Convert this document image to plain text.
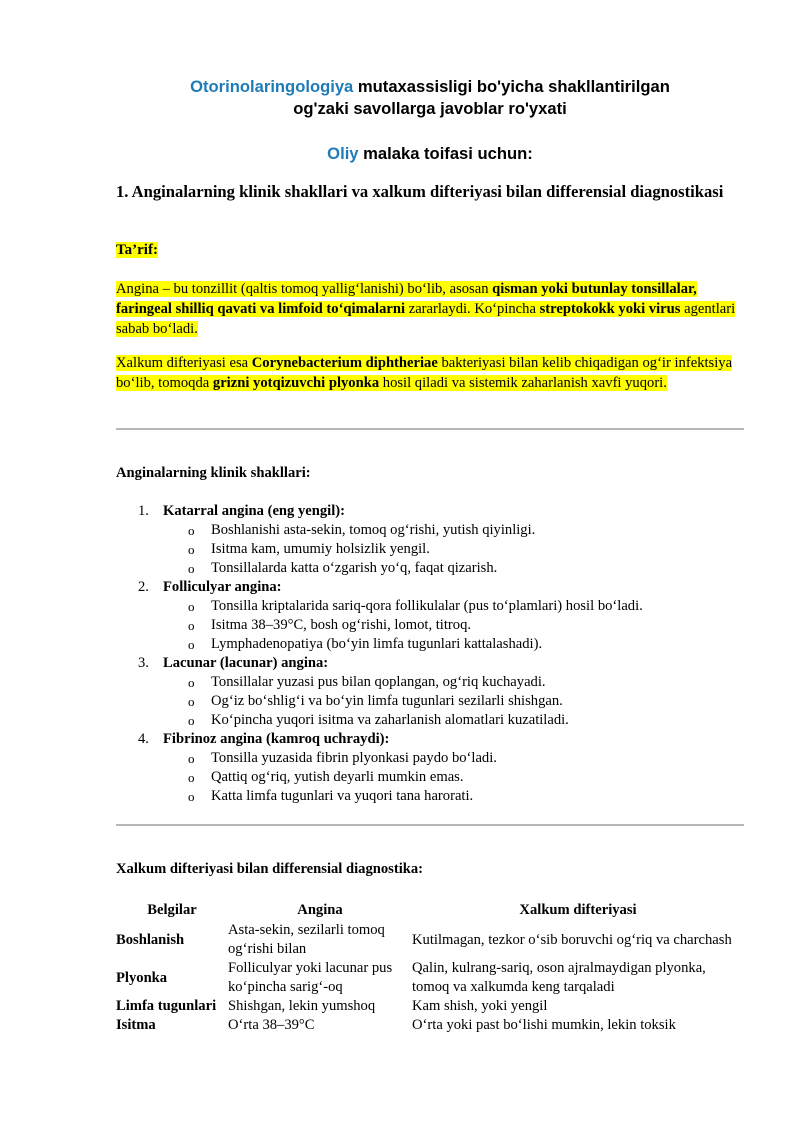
Otorinolaringologiya mutaxassisligi bo'yicha shakllantirilgan
og'zaki savollarga javoblar ro'yxati
Oliy malaka toifasi uchun:
1. Anginalarning klinik shakllari va xalkum difteriyasi bilan differensial diagnostikasi
Ta’rif:
Angina – bu tonzillit (qaltis tomoq yallig‘lanishi) bo‘lib, asosan qisman yoki butunlay tonsillalar, faringeal shilliq qavati va limfoid to‘qimalarni zararlaydi. Ko‘pincha streptokokk yoki virus agentlari sabab bo‘ladi.
Xalkum difteriyasi esa Corynebacterium diphtheriae bakteriyasi bilan kelib chiqadigan og‘ir infektsiya bo‘lib, tomoqda grizni yotqizuvchi plyonka hosil qiladi va sistemik zaharlanish xavfi yuqori.
Anginalarning klinik shakllari:
1. Katarral angina (eng yengil):
o Boshlanishi asta-sekin, tomoq og‘rishi, yutish qiyinligi.
o Isitma kam, umumiy holsizlik yengil.
o Tonsillalarda katta o‘zgarish yo‘q, faqat qizarish.
2. Folliculyar angina:
o Tonsilla kriptalarida sariq-qora follikulalar (pus to‘plamlari) hosil bo‘ladi.
o Isitma 38–39°C, bosh og‘rishi, lomot, titroq.
o Lymphadenopatiya (bo‘yin limfa tugunlari kattalashadi).
3. Lacunar (lacunar) angina:
o Tonsillalar yuzasi pus bilan qoplangan, og‘riq kuchayadi.
o Og‘iz bo‘shlig‘i va bo‘yin limfa tugunlari sezilarli shishgan.
o Ko‘pincha yuqori isitma va zaharlanish alomatlari kuzatiladi.
4. Fibrinoz angina (kamroq uchraydi):
o Tonsilla yuzasida fibrin plyonkasi paydo bo‘ladi.
o Qattiq og‘riq, yutish deyarli mumkin emas.
o Katta limfa tugunlari va yuqori tana harorati.
Xalkum difteriyasi bilan differensial diagnostika:
Belgilar	Angina	Xalkum difteriyasi
Boshlanish	Asta-sekin, sezilarli tomoq og‘rishi bilan	Kutilmagan, tezkor o‘sib boruvchi og‘riq va charchash
Plyonka	Folliculyar yoki lacunar pus ko‘pincha sarig‘-oq	Qalin, kulrang-sariq, oson ajralmaydigan plyonka, tomoq va xalkumda keng tarqaladi
Limfa tugunlari	Shishgan, lekin yumshoq	Kam shish, yoki yengil
Isitma	O‘rta 38–39°C	O‘rta yoki past bo‘lishi mumkin, lekin toksik
